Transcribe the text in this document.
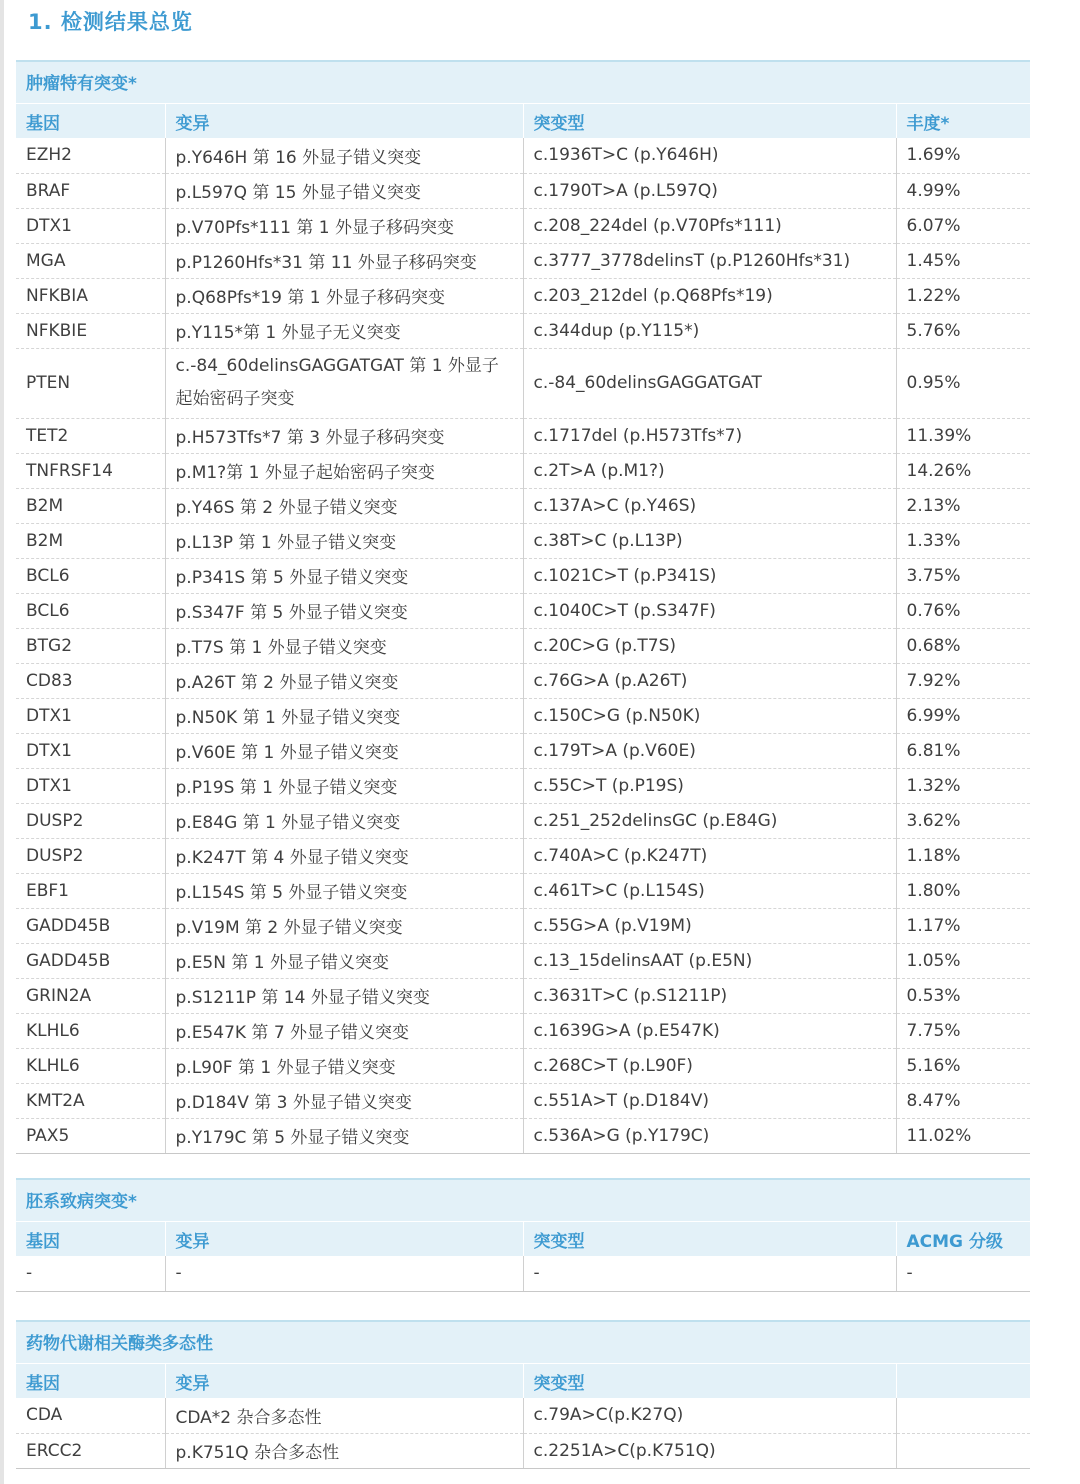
1. 检测结果总览
肿瘤特有突变*
基因	变异	突变型	丰度*
EZH2	p.Y646H 第 16 外显子错义突变	c.1936T>C (p.Y646H)	1.69%
BRAF	p.L597Q 第 15 外显子错义突变	c.1790T>A (p.L597Q)	4.99%
DTX1	p.V70Pfs*111 第 1 外显子移码突变	c.208_224del (p.V70Pfs*111)	6.07%
MGA	p.P1260Hfs*31 第 11 外显子移码突变	c.3777_3778delinsT (p.P1260Hfs*31)	1.45%
NFKBIA	p.Q68Pfs*19 第 1 外显子移码突变	c.203_212del (p.Q68Pfs*19)	1.22%
NFKBIE	p.Y115*第 1 外显子无义突变	c.344dup (p.Y115*)	5.76%
PTEN	c.-84_60delinsGAGGATGAT 第 1 外显子起始密码子突变	c.-84_60delinsGAGGATGAT	0.95%
TET2	p.H573Tfs*7 第 3 外显子移码突变	c.1717del (p.H573Tfs*7)	11.39%
TNFRSF14	p.M1?第 1 外显子起始密码子突变	c.2T>A (p.M1?)	14.26%
B2M	p.Y46S 第 2 外显子错义突变	c.137A>C (p.Y46S)	2.13%
B2M	p.L13P 第 1 外显子错义突变	c.38T>C (p.L13P)	1.33%
BCL6	p.P341S 第 5 外显子错义突变	c.1021C>T (p.P341S)	3.75%
BCL6	p.S347F 第 5 外显子错义突变	c.1040C>T (p.S347F)	0.76%
BTG2	p.T7S 第 1 外显子错义突变	c.20C>G (p.T7S)	0.68%
CD83	p.A26T 第 2 外显子错义突变	c.76G>A (p.A26T)	7.92%
DTX1	p.N50K 第 1 外显子错义突变	c.150C>G (p.N50K)	6.99%
DTX1	p.V60E 第 1 外显子错义突变	c.179T>A (p.V60E)	6.81%
DTX1	p.P19S 第 1 外显子错义突变	c.55C>T (p.P19S)	1.32%
DUSP2	p.E84G 第 1 外显子错义突变	c.251_252delinsGC (p.E84G)	3.62%
DUSP2	p.K247T 第 4 外显子错义突变	c.740A>C (p.K247T)	1.18%
EBF1	p.L154S 第 5 外显子错义突变	c.461T>C (p.L154S)	1.80%
GADD45B	p.V19M 第 2 外显子错义突变	c.55G>A (p.V19M)	1.17%
GADD45B	p.E5N 第 1 外显子错义突变	c.13_15delinsAAT (p.E5N)	1.05%
GRIN2A	p.S1211P 第 14 外显子错义突变	c.3631T>C (p.S1211P)	0.53%
KLHL6	p.E547K 第 7 外显子错义突变	c.1639G>A (p.E547K)	7.75%
KLHL6	p.L90F 第 1 外显子错义突变	c.268C>T (p.L90F)	5.16%
KMT2A	p.D184V 第 3 外显子错义突变	c.551A>T (p.D184V)	8.47%
PAX5	p.Y179C 第 5 外显子错义突变	c.536A>G (p.Y179C)	11.02%
胚系致病突变*
基因	变异	突变型	ACMG 分级
-	-	-	-
药物代谢相关酶类多态性
基因	变异	突变型	
CDA	CDA*2 杂合多态性	c.79A>C(p.K27Q)	
ERCC2	p.K751Q 杂合多态性	c.2251A>C(p.K751Q)	
